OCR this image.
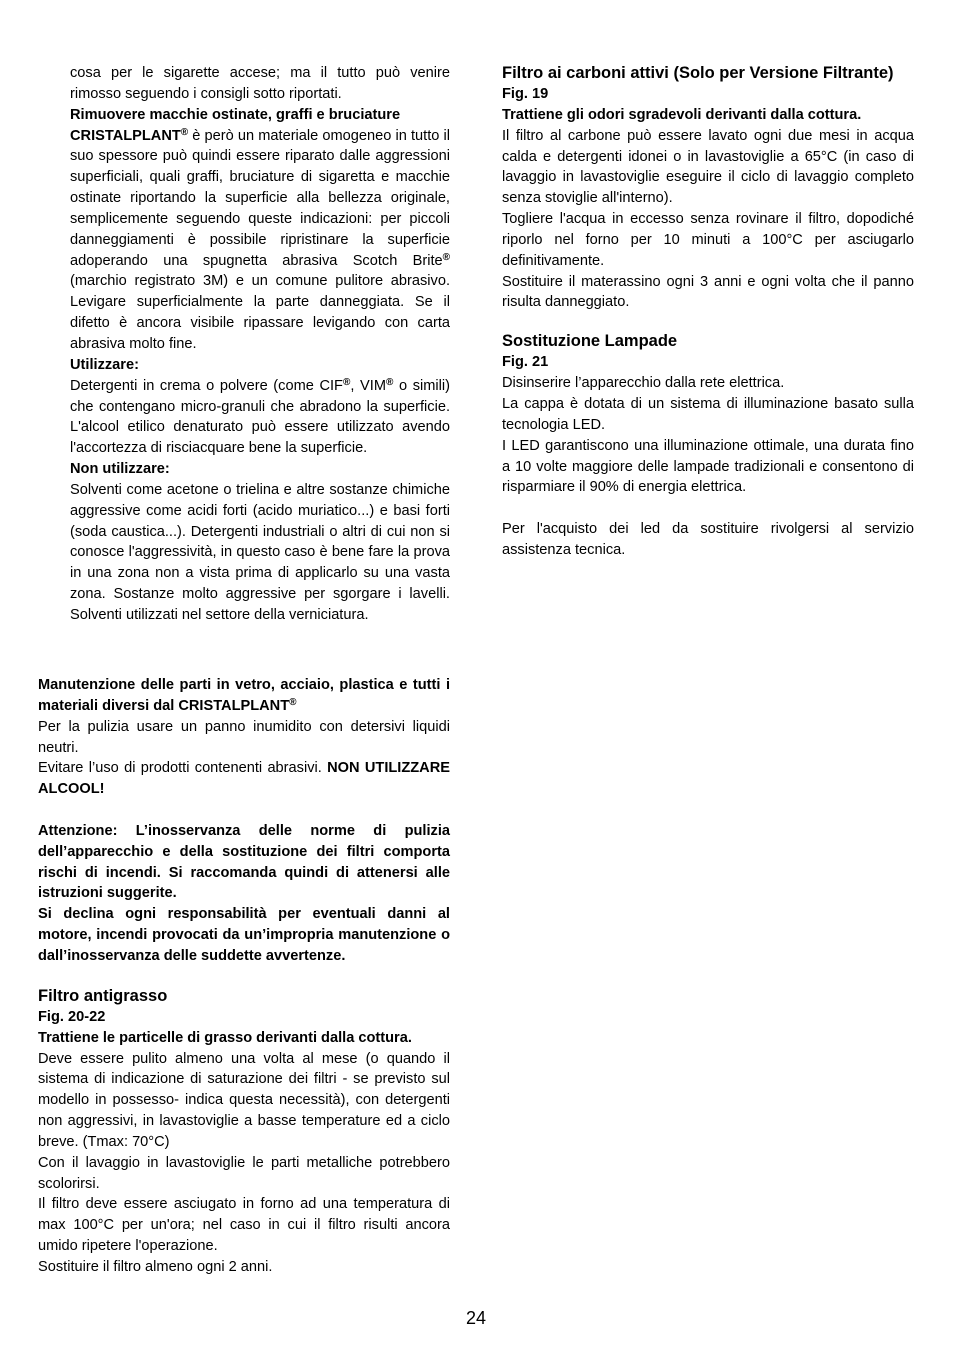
cosa per le sigarette accese; ma il tutto può venire rimosso seguendo i consigli sotto riportati.

Rimuovere macchie ostinate, graffi e bruciature

CRISTALPLANT® è però un materiale omogeneo in tutto il suo spessore può quindi essere riparato dalle aggressioni superficiali, quali graffi, bruciature di sigaretta e macchie ostinate riportando la superficie alla bellezza originale, semplicemente seguendo queste indicazioni: per piccoli danneggiamenti è possibile ripristinare la superficie adoperando una spugnetta abrasiva Scotch Brite® (marchio registrato 3M) e un comune pulitore abrasivo. Levigare superficialmente la parte danneggiata. Se il difetto è ancora visibile ripassare levigando con carta abrasiva molto fine.

Utilizzare:

Detergenti in crema o polvere (come CIF®, VIM® o simili) che contengano micro-granuli che abradono la superficie. L'alcool etilico denaturato può essere utilizzato avendo l'accortezza di risciacquare bene la superficie.

Non utilizzare:

Solventi come acetone o trielina e altre sostanze chimiche aggressive come acidi forti (acido muriatico...) e basi forti (soda caustica...). Detergenti industriali o altri di cui non si conosce l'aggressività, in questo caso è bene fare la prova in una zona non a vista prima di applicarlo su una vasta zona. Sostanze molto aggressive per sgorgare i lavelli. Solventi utilizzati nel settore della verniciatura.

Manutenzione delle parti in vetro, acciaio, plastica e tutti i materiali diversi dal CRISTALPLANT®

Per la pulizia usare un panno inumidito con detersivi liquidi neutri.

Evitare l’uso di prodotti contenenti abrasivi. NON UTILIZZARE ALCOOL!

Attenzione: L’inosservanza delle norme di pulizia dell’apparecchio e della sostituzione dei filtri comporta rischi di incendi. Si raccomanda quindi di attenersi alle istruzioni suggerite.

Si declina ogni responsabilità per eventuali danni al motore, incendi provocati da un’impropria manutenzione o dall’inosservanza delle suddette avvertenze.

Filtro antigrasso

Fig. 20-22

Trattiene le particelle di grasso derivanti dalla cottura.

Deve essere pulito almeno una volta al mese (o quando il sistema di indicazione di saturazione dei filtri - se previsto sul modello in possesso- indica questa necessità), con detergenti non aggressivi, in lavastoviglie a basse temperature ed a ciclo breve. (Tmax: 70°C)

Con il lavaggio in lavastoviglie le parti metalliche potrebbero scolorirsi.

Il filtro deve essere asciugato in forno ad una temperatura di max 100°C per un'ora; nel caso in cui il filtro risulti ancora umido ripetere l'operazione.

Sostituire il filtro almeno ogni 2 anni.

Filtro ai carboni attivi (Solo per Versione Filtrante)

Fig. 19

Trattiene gli odori sgradevoli derivanti dalla cottura.

Il filtro al carbone può essere lavato ogni due mesi in acqua calda e detergenti idonei o in lavastoviglie a 65°C (in caso di lavaggio in lavastoviglie eseguire il ciclo di lavaggio completo senza stoviglie all'interno).

Togliere l'acqua in eccesso senza rovinare il filtro, dopodiché riporlo nel forno per 10 minuti a 100°C per asciugarlo definitivamente.

Sostituire il materassino ogni 3 anni e ogni volta che il panno risulta danneggiato.

Sostituzione Lampade

Fig. 21

Disinserire l’apparecchio dalla rete elettrica.

La cappa è dotata di un sistema di illuminazione basato sulla tecnologia LED.

I LED garantiscono una illuminazione ottimale, una durata fino a 10 volte maggiore delle lampade tradizionali e consentono di risparmiare il 90% di energia elettrica.

Per l'acquisto dei led da sostituire rivolgersi al servizio assistenza tecnica.

24
